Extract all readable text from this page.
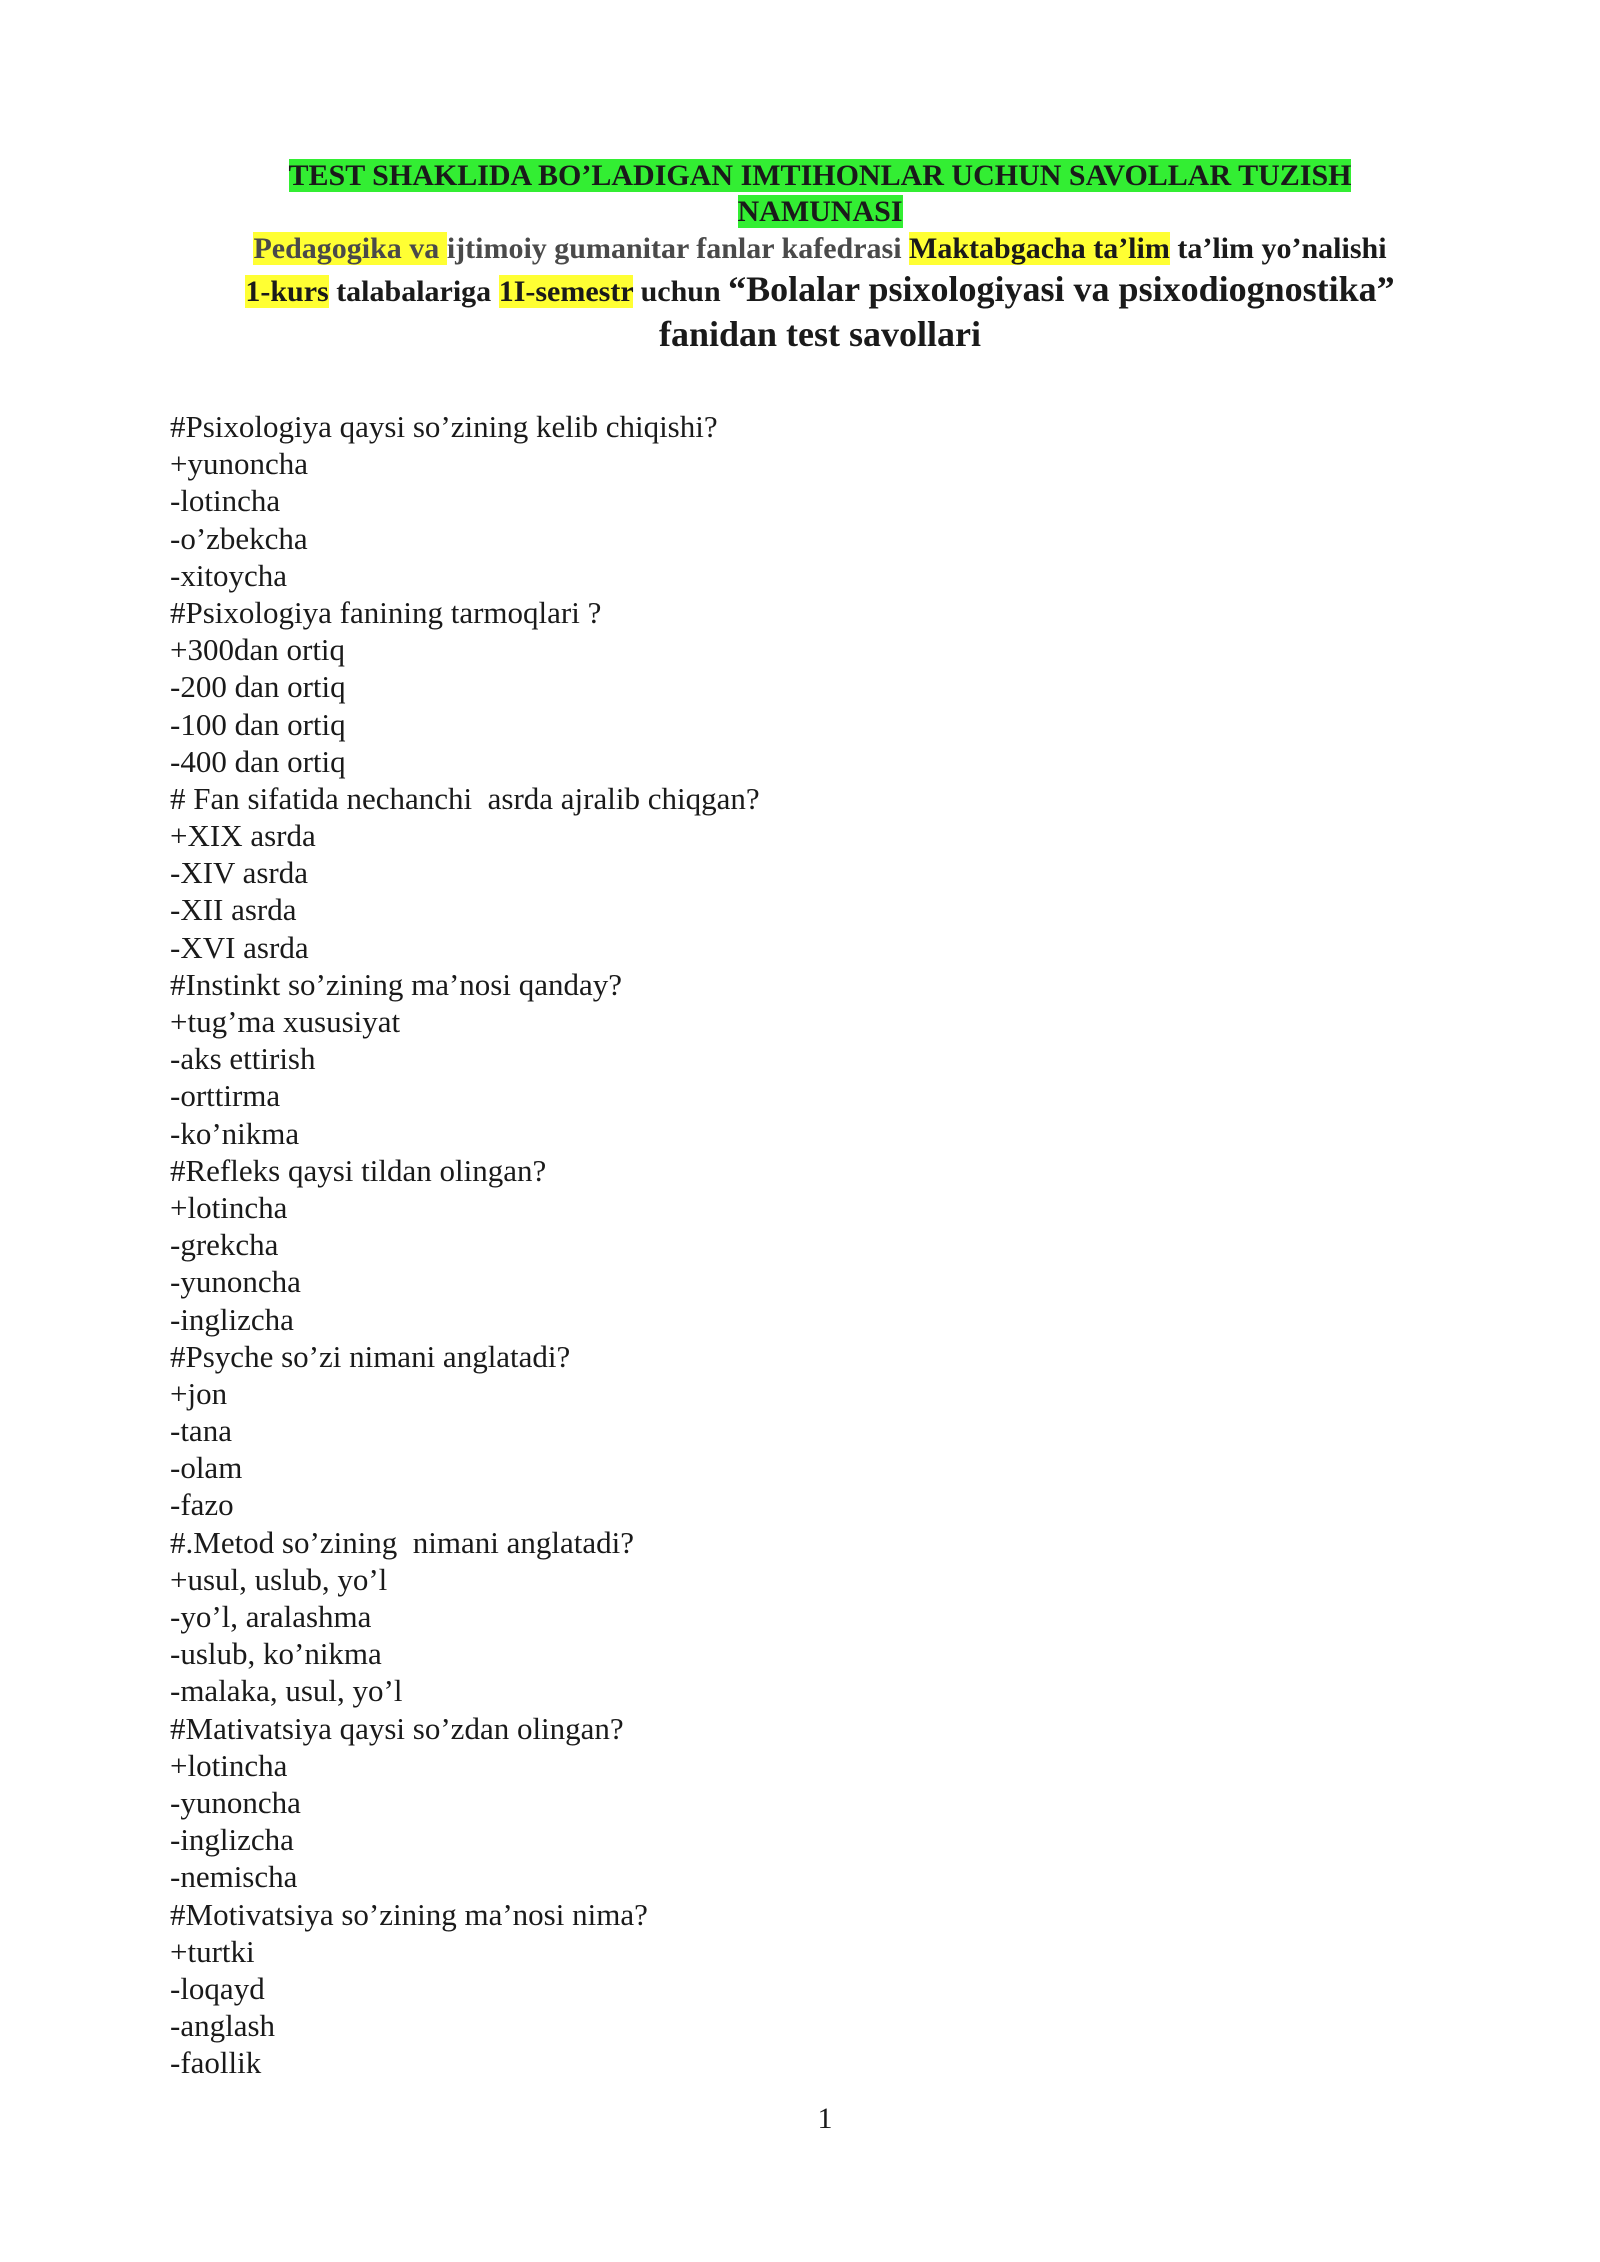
TEST SHAKLIDA BO’LADIGAN IMTIHONLAR UCHUN SAVOLLAR TUZISH
NAMUNASI
Pedagogika va ijtimoiy gumanitar fanlar kafedrasi Maktabgacha ta’lim ta’lim yo’nalishi
1-kurs talabalariga 1I-semestr uchun “Bolalar psixologiyasi va psixodiognostika”
fanidan test savollari
#Psixologiya qaysi so’zining kelib chiqishi?
+yunoncha
-lotincha
-o’zbekcha
-xitoycha
#Psixologiya fanining tarmoqlari ?
+300dan ortiq
-200 dan ortiq
-100 dan ortiq
-400 dan ortiq
# Fan sifatida nechanchi  asrda ajralib chiqgan?
+XIX asrda
-XIV asrda
-XII asrda
-XVI asrda
#Instinkt so’zining ma’nosi qanday?
+tug’ma xususiyat
-aks ettirish
-orttirma
-ko’nikma
#Refleks qaysi tildan olingan?
+lotincha
-grekcha
-yunoncha
-inglizcha
#Psyche so’zi nimani anglatadi?
+jon
-tana
-olam
-fazo
#.Metod so’zining  nimani anglatadi?
+usul, uslub, yo’l
-yo’l, aralashma
-uslub, ko’nikma
-malaka, usul, yo’l
#Mativatsiya qaysi so’zdan olingan?
+lotincha
-yunoncha
-inglizcha
-nemischa
#Motivatsiya so’zining ma’nosi nima?
+turtki
-loqayd
-anglash
-faollik
1
